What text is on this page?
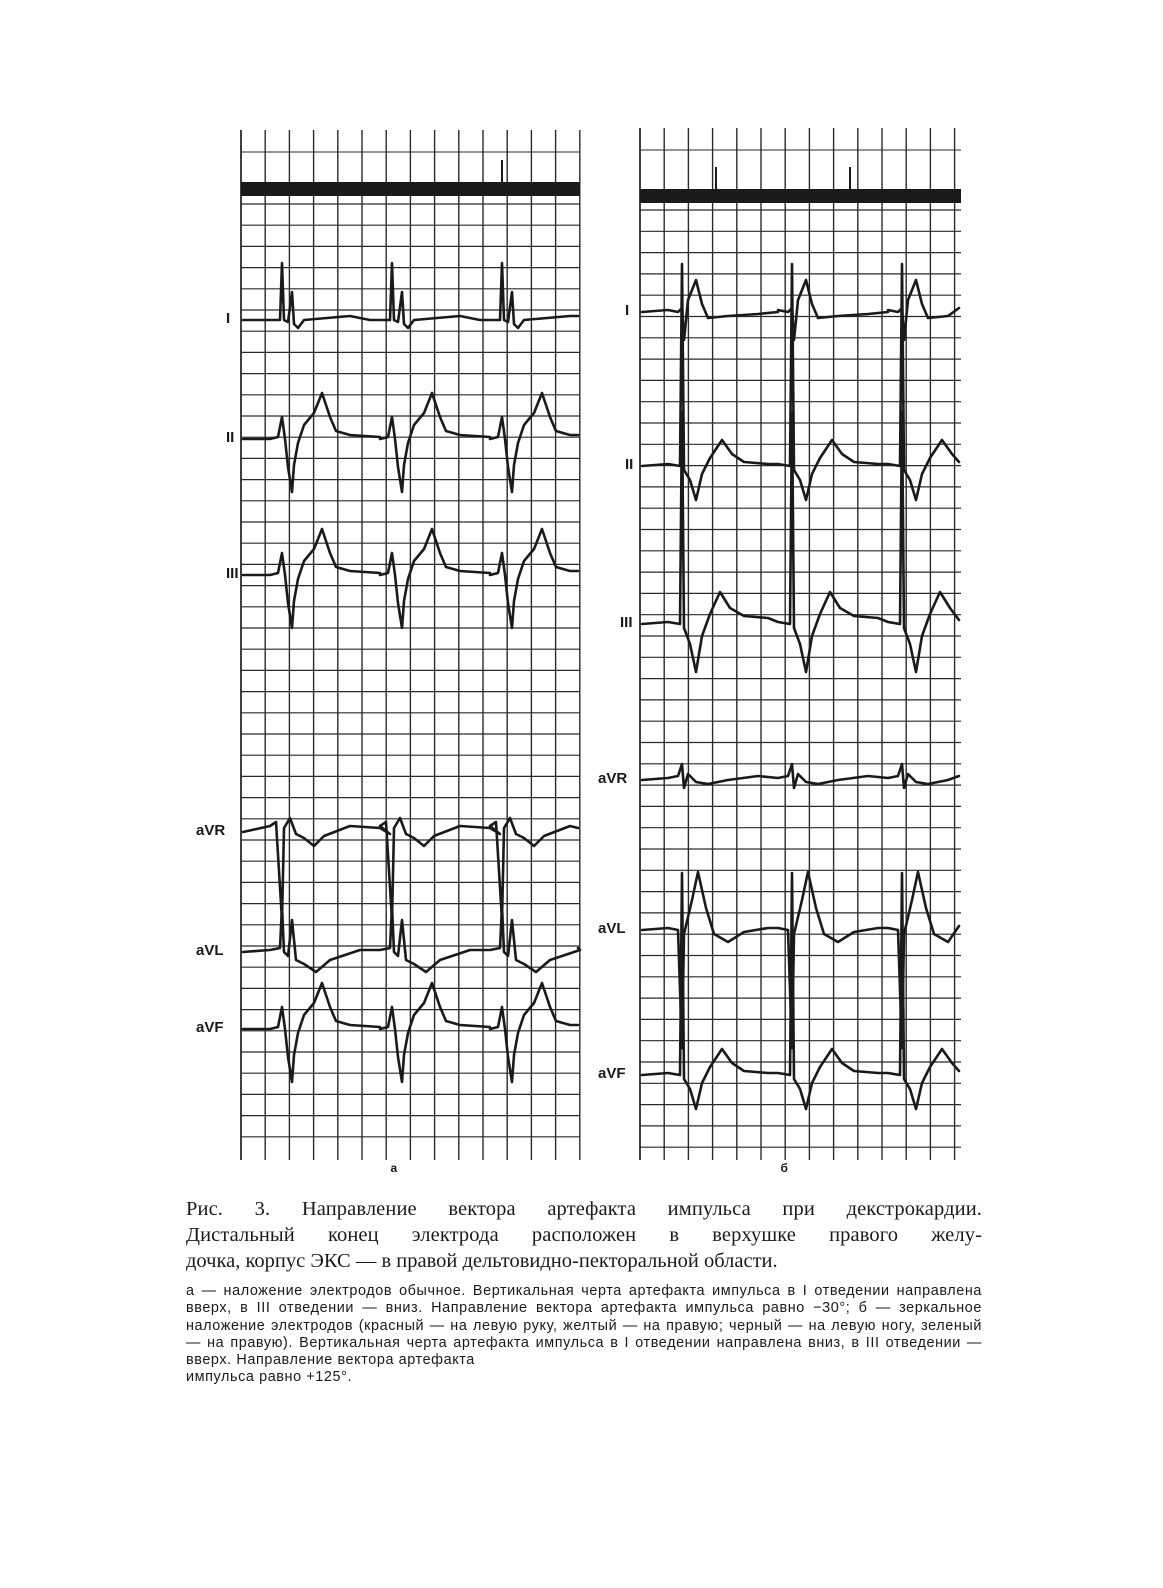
I
II
III
aVR
aVL
aVF
I
II
III
aVR
aVL
aVF
а	б

Рис. 3. Направление вектора артефакта импульса при декстрокардии.

Дистальный конец электрода расположен в верхушке правого желу-

дочка, корпус ЭКС — в правой дельтовидно-пекторальной области.

а — наложение электродов обычное. Вертикальная черта артефакта импульса в I отведении направлена вверх, в III отведении — вниз. Направление вектора артефакта импульса равно −30°; б — зеркальное наложение электродов (красный — на левую руку, желтый — на правую; черный — на левую ногу, зеленый — на правую). Вертикальная черта артефакта импульса в I отведении направлена вниз, в III отведении — вверх. Направление вектора артефакта

импульса равно +125°.
